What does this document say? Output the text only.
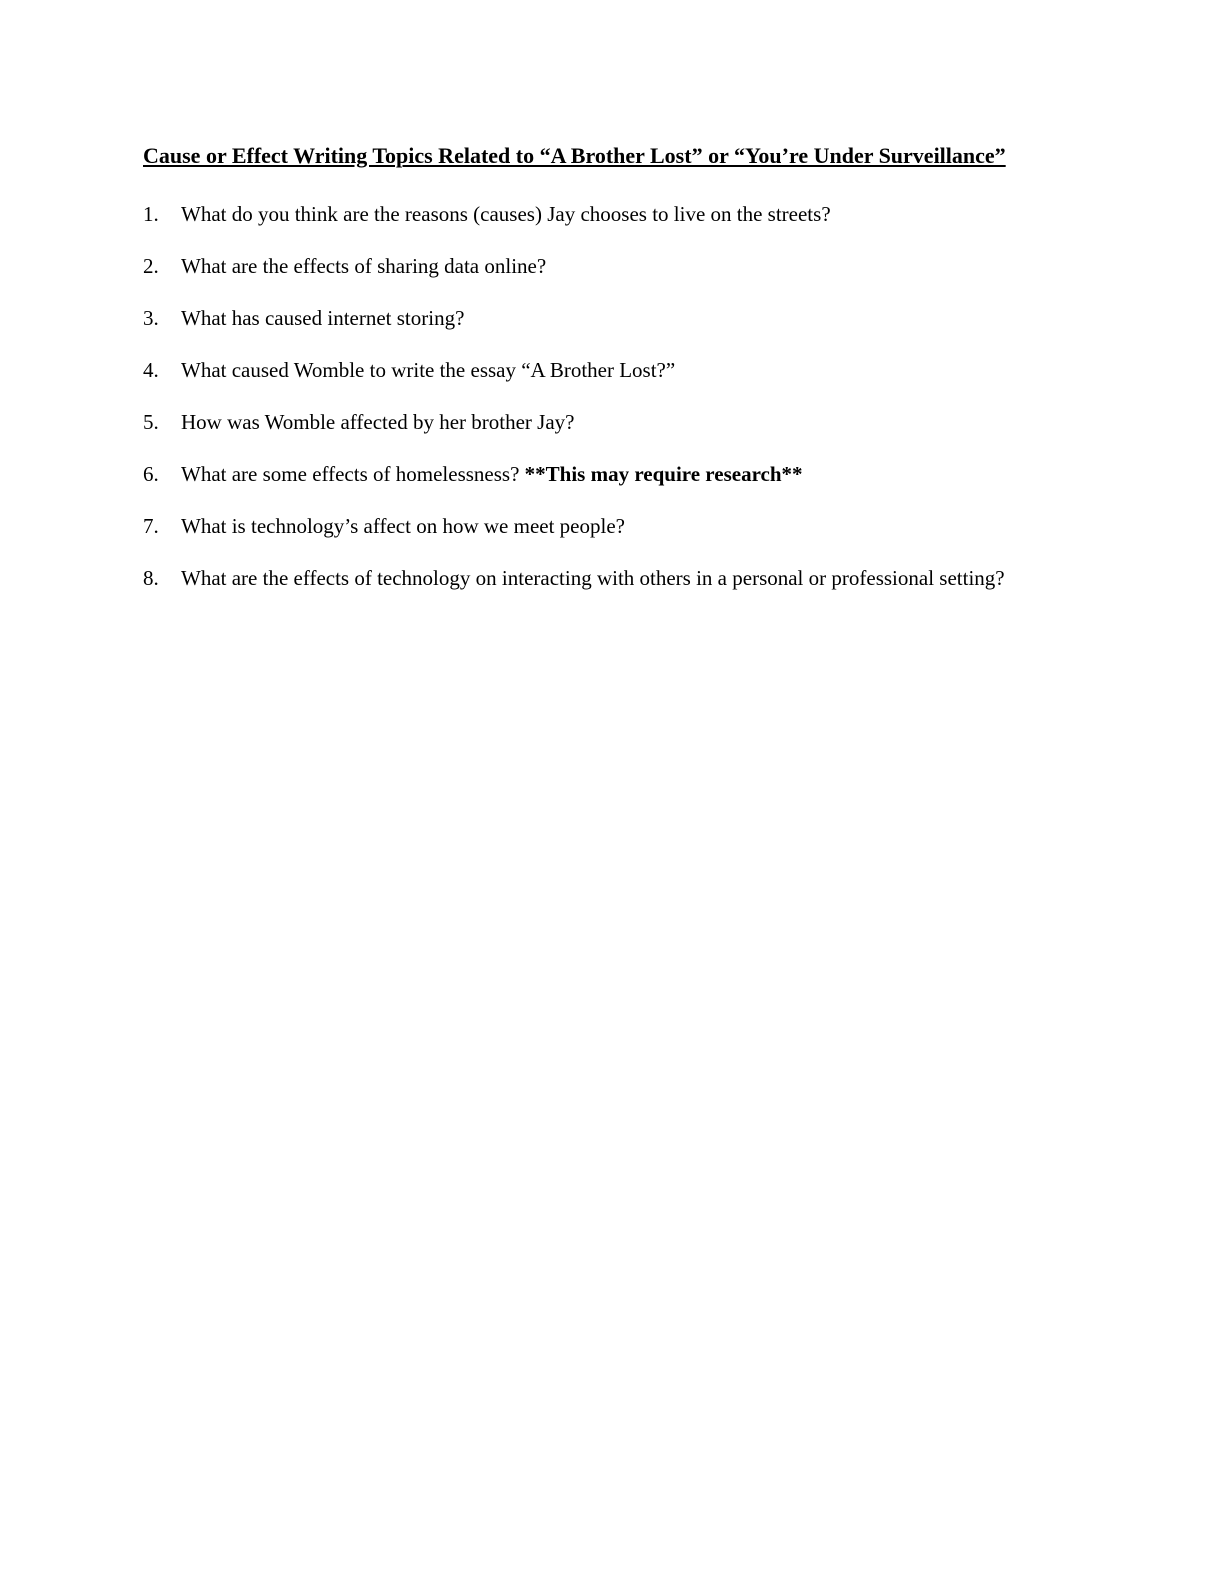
Cause or Effect Writing Topics Related to “A Brother Lost” or “You’re Under Surveillance”
1.	What do you think are the reasons (causes) Jay chooses to live on the streets?
2.	What are the effects of sharing data online?
3.	What has caused internet storing?
4.	What caused Womble to write the essay “A Brother Lost?”
5.	How was Womble affected by her brother Jay?
6.	What are some effects of homelessness? **This may require research**
7.	What is technology’s affect on how we meet people?
8.	What are the effects of technology on interacting with others in a personal or professional setting?
